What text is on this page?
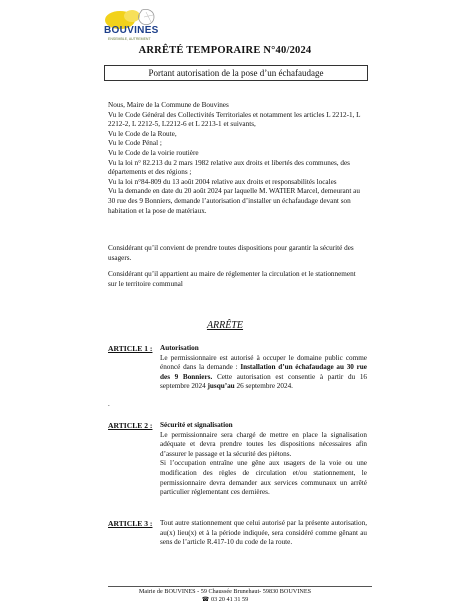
BOUVINES
ENSEMBLE, AUTREMENT
ARRÊTÉ TEMPORAIRE N°40/2024
Portant autorisation de la pose d’un échafaudage
Nous, Maire de la Commune de Bouvines
Vu le Code Général des Collectivités Territoriales et notamment les articles L 2212-1, L 2212-2, L 2212-5, L2212-6 et L 2213-1 et suivants,
Vu le Code de la Route,
Vu le Code Pénal ;
Vu le Code de la voirie routière
Vu la loi n° 82.213 du 2 mars 1982 relative aux droits et libertés des communes, des départements et des régions ;
Vu la loi n°84-809 du 13 août 2004 relative aux droits et responsabilités locales
Vu la demande en date du 20 août 2024 par laquelle M. WATIER Marcel, demeurant au 30 rue des 9 Bonniers, demande l’autorisation d’installer un échafaudage devant son habitation et la pose de matériaux.

Considérant qu’il convient de prendre toutes dispositions pour garantir la sécurité des usagers.

Considérant qu’il appartient au maire de réglementer la circulation et le stationnement
sur le territoire communal

ARRÊTE
ARTICLE 1 : Autorisation
Le permissionnaire est autorisé à occuper le domaine public comme énoncé dans la demande : Installation d’un échafaudage au 30 rue des 9 Bonniers. Cette autorisation est consentie à partir du 16 septembre 2024 jusqu’au 26 septembre 2024.
.
ARTICLE 2 : Sécurité et signalisation
Le permissionnaire sera chargé de mettre en place la signalisation adéquate et devra prendre toutes les dispositions nécessaires afin d’assurer le passage et la sécurité des piétons.
Si l’occupation entraîne une gêne aux usagers de la voie ou une modification des règles de circulation et/ou stationnement, le permissionnaire devra demander aux services communaux un arrêté particulier réglementant ces dernières.
ARTICLE 3 : Tout autre stationnement que celui autorisé par la présente autorisation, au(x) lieu(x) et à la période indiquée, sera considéré comme gênant au sens de l’article R.417-10 du code de la route.
Mairie de BOUVINES - 59 Chaussée Brunehaut- 59830 BOUVINES
☎ 03 20 41 31 59
